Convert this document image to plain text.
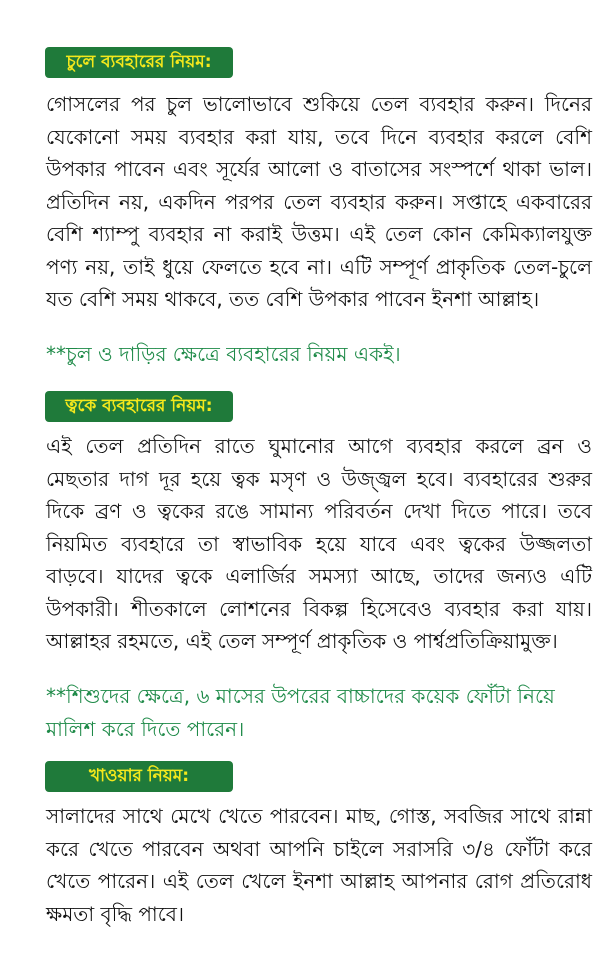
চুলে ব্যবহারের নিয়ম:
গোসলের পর চুল ভালোভাবে শুকিয়ে তেল ব্যবহার করুন। দিনের যেকোনো সময় ব্যবহার করা যায়, তবে দিনে ব্যবহার করলে বেশি উপকার পাবেন এবং সূর্যের আলো ও বাতাসের সংস্পর্শে থাকা ভাল। প্রতিদিন নয়, একদিন পরপর তেল ব্যবহার করুন। সপ্তাহে একবারের বেশি শ্যাম্পু ব্যবহার না করাই উত্তম। এই তেল কোন কেমিক্যালযুক্ত পণ্য নয়, তাই ধুয়ে ফেলতে হবে না। এটি সম্পূর্ণ প্রাকৃতিক তেল-চুলে যত বেশি সময় থাকবে, তত বেশি উপকার পাবেন ইনশা আল্লাহ।
**চুল ও দাড়ির ক্ষেত্রে ব্যবহারের নিয়ম একই।
ত্বকে ব্যবহারের নিয়ম:
এই তেল প্রতিদিন রাতে ঘুমানোর আগে ব্যবহার করলে ব্রন ও মেছতার দাগ দূর হয়ে ত্বক মসৃণ ও উজ্জ্বল হবে। ব্যবহারের শুরুর দিকে ব্রণ ও ত্বকের রঙে সামান্য পরিবর্তন দেখা দিতে পারে। তবে নিয়মিত ব্যবহারে তা স্বাভাবিক হয়ে যাবে এবং ত্বকের উজ্জলতা বাড়বে। যাদের ত্বকে এলার্জির সমস্যা আছে, তাদের জন্যও এটি উপকারী। শীতকালে লোশনের বিকল্প হিসেবেও ব্যবহার করা যায়। আল্লাহর রহমতে, এই তেল সম্পূর্ণ প্রাকৃতিক ও পার্শ্বপ্রতিক্রিয়ামুক্ত।
**শিশুদের ক্ষেত্রে, ৬ মাসের উপরের বাচ্চাদের কয়েক ফোঁটা নিয়ে মালিশ করে দিতে পারেন।
খাওয়ার নিয়ম:
সালাদের সাথে মেখে খেতে পারবেন। মাছ, গোস্ত, সবজির সাথে রান্না করে খেতে পারবেন অথবা আপনি চাইলে সরাসরি ৩/৪ ফোঁটা করে খেতে পারেন। এই তেল খেলে ইনশা আল্লাহ আপনার রোগ প্রতিরোধ ক্ষমতা বৃদ্ধি পাবে।
